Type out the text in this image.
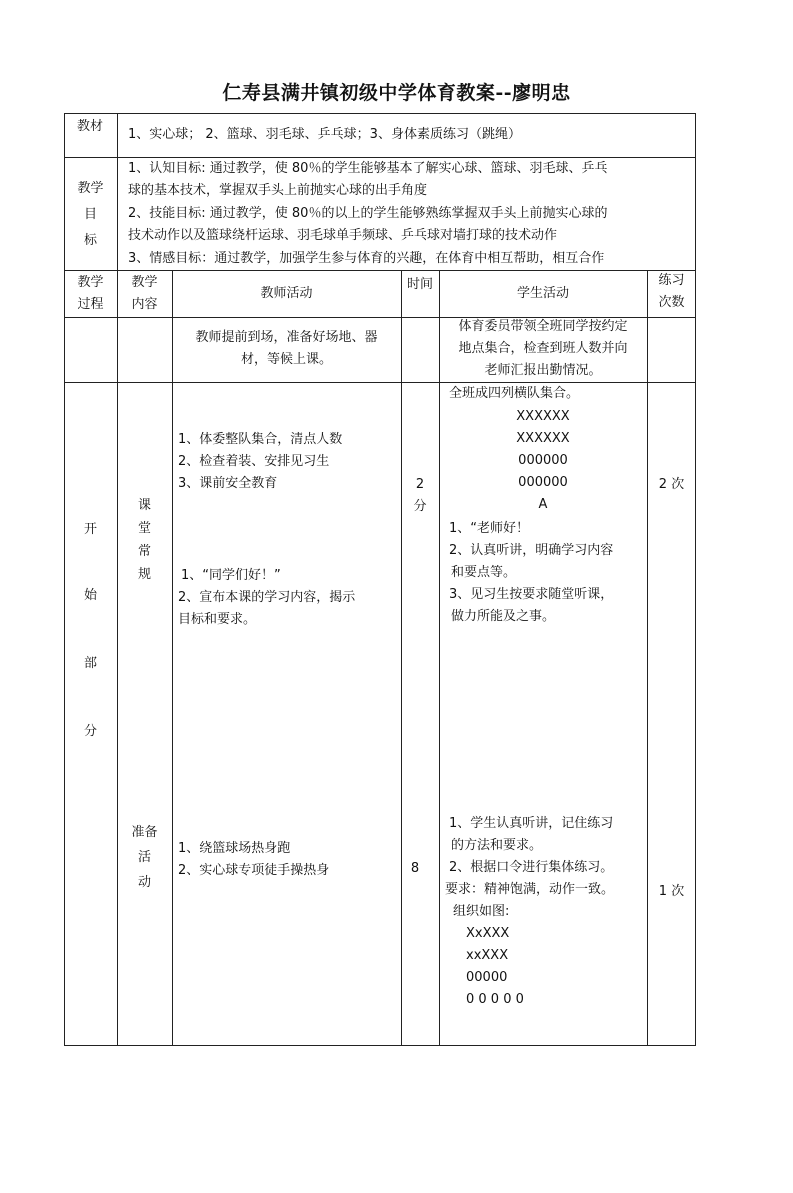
仁寿县满井镇初级中学体育教案--廖明忠
教材
1、实心球； 2、篮球、羽毛球、乒乓球；3、身体素质练习（跳绳）
教学
目
标
1、认知目标: 通过教学，使 80％的学生能够基本了解实心球、篮球、羽毛球、乒乓
球的基本技术，掌握双手头上前抛实心球的出手角度
2、技能目标: 通过教学，使 80％的以上的学生能够熟练掌握双手头上前抛实心球的
技术动作以及篮球绕杆运球、羽毛球单手频球、乒乓球对墙打球的技术动作
3、情感目标：通过教学，加强学生参与体育的兴趣，在体育中相互帮助，相互合作
教学
过程
教学
内容
教师活动
时间
学生活动
练习
次数
教师提前到场，准备好场地、器
材，等候上课。
体育委员带领全班同学按约定
地点集合，检查到班人数并向
老师汇报出勤情况。
开
始
部
分
课
堂
常
规
1、体委整队集合，清点人数
2、检查着装、安排见习生
3、课前安全教育
1、“同学们好！”
2、宣布本课的学习内容，揭示
目标和要求。
2
分
全班成四列横队集合。
XXXXXX
XXXXXX
000000
000000
A
1、“老师好！
2、认真听讲，明确学习内容
和要点等。
3、见习生按要求随堂听课，
做力所能及之事。
2 次
准备
活
动
1、绕篮球场热身跑
2、实心球专项徒手操热身	8
1、学生认真听讲，记住练习
的方法和要求。
2、根据口令进行集体练习。
要求：精神饱满，动作一致。
组织如图:
XxXXX
xxXXX
00000
0 0 0 0 0
1 次
